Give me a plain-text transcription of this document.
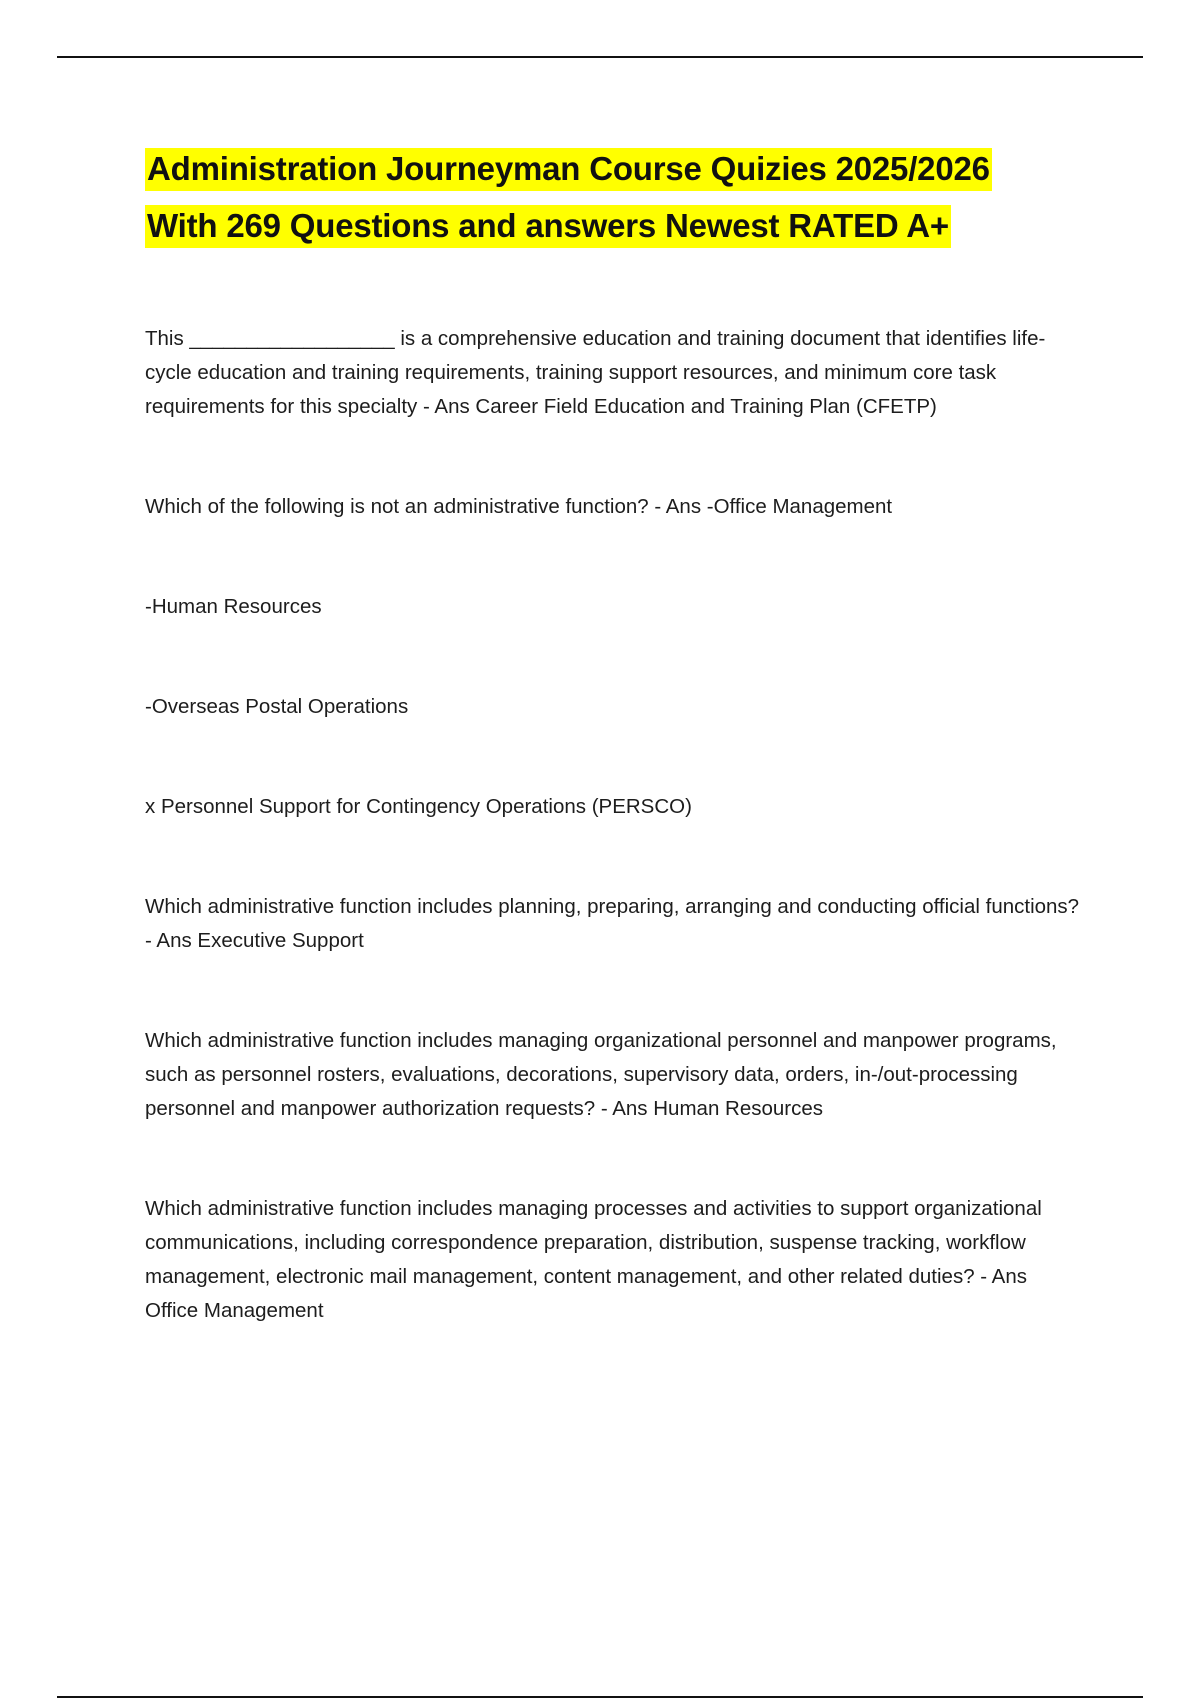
Administration Journeyman Course Quizies 2025/2026
With 269 Questions and answers Newest RATED A+

This __________________ is a comprehensive education and training document that identifies life-cycle education and training requirements, training support resources, and minimum core task requirements for this specialty - Ans Career Field Education and Training Plan (CFETP)

Which of the following is not an administrative function? - Ans -Office Management

-Human Resources

-Overseas Postal Operations

x Personnel Support for Contingency Operations (PERSCO)

Which administrative function includes planning, preparing, arranging and conducting official functions? - Ans Executive Support

Which administrative function includes managing organizational personnel and manpower programs, such as personnel rosters, evaluations, decorations, supervisory data, orders, in-/out-processing personnel and manpower authorization requests? - Ans Human Resources

Which administrative function includes managing processes and activities to support organizational communications, including correspondence preparation, distribution, suspense tracking, workflow management, electronic mail management, content management, and other related duties? - Ans Office Management
